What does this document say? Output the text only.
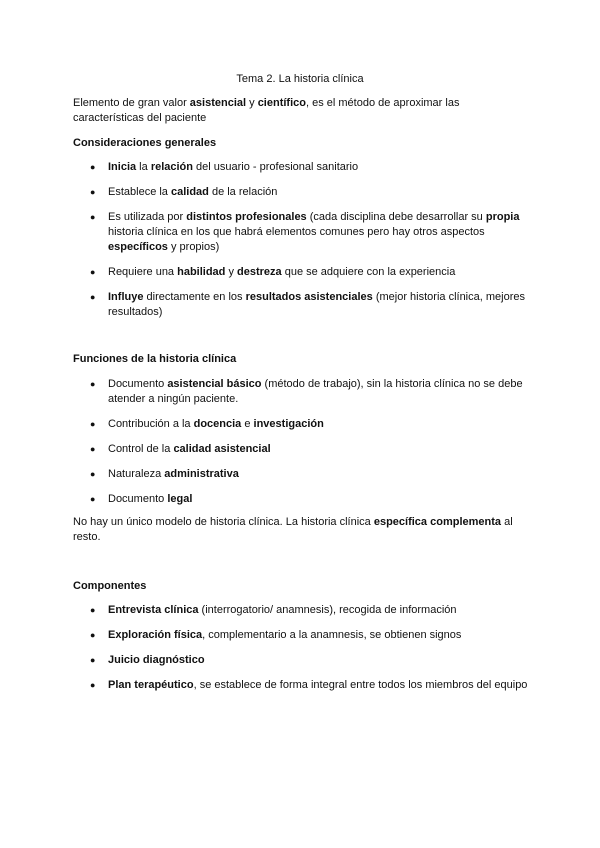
Tema 2. La historia clínica
Elemento de gran valor asistencial y científico, es el método de aproximar las características del paciente
Consideraciones generales
●	Inicia la relación del usuario - profesional sanitario
●	Establece la calidad de la relación
●	Es utilizada por distintos profesionales (cada disciplina debe desarrollar su propia historia clínica en los que habrá elementos comunes pero hay otros aspectos específicos y propios)
●	Requiere una habilidad y destreza que se adquiere con la experiencia
●	Influye directamente en los resultados asistenciales (mejor historia clínica, mejores resultados)
Funciones de la historia clínica
●	Documento asistencial básico (método de trabajo), sin la historia clínica no se debe atender a ningún paciente.
●	Contribución a la docencia e investigación
●	Control de la calidad asistencial
●	Naturaleza administrativa
●	Documento legal
No hay un único modelo de historia clínica. La historia clínica específica complementa al resto.
Componentes
●	Entrevista clínica (interrogatorio/ anamnesis), recogida de información
●	Exploración física, complementario a la anamnesis, se obtienen signos
●	Juicio diagnóstico
●	Plan terapéutico, se establece de forma integral entre todos los miembros del equipo
